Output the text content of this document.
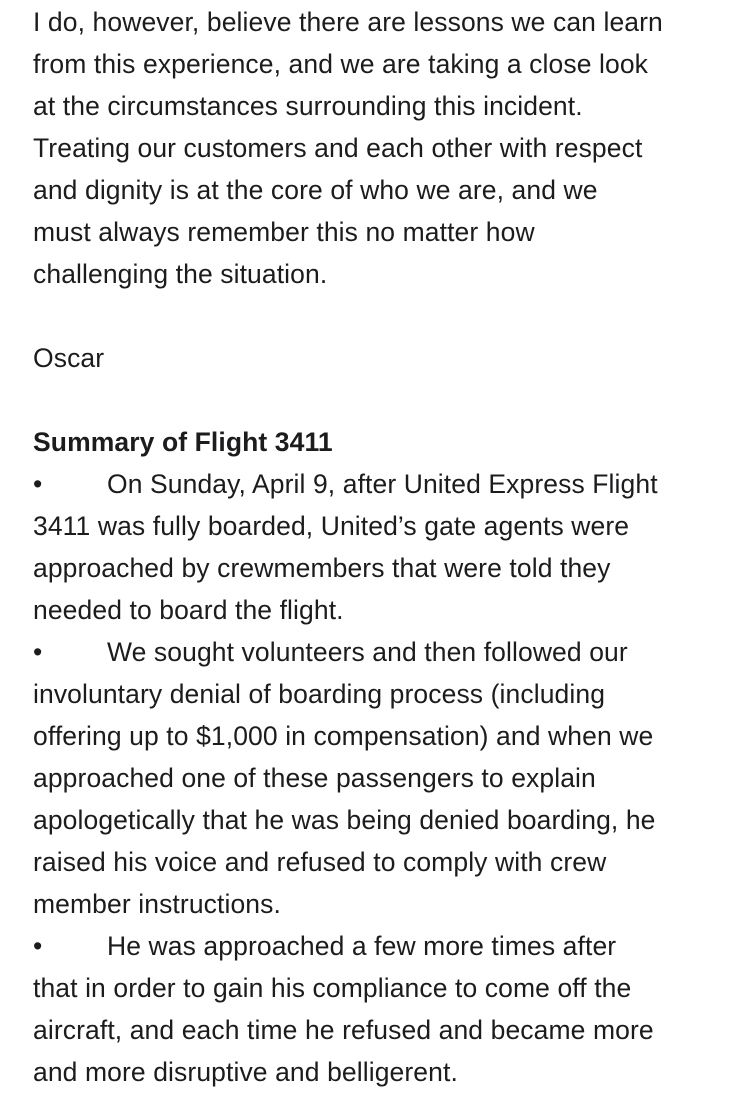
I do, however, believe there are lessons we can learn
from this experience, and we are taking a close look
at the circumstances surrounding this incident.
Treating our customers and each other with respect
and dignity is at the core of who we are, and we
must always remember this no matter how
challenging the situation.
Oscar
Summary of Flight 3411
•	On Sunday, April 9, after United Express Flight
3411 was fully boarded, United’s gate agents were
approached by crewmembers that were told they
needed to board the flight.
•	We sought volunteers and then followed our
involuntary denial of boarding process (including
offering up to $1,000 in compensation) and when we
approached one of these passengers to explain
apologetically that he was being denied boarding, he
raised his voice and refused to comply with crew
member instructions.
•	He was approached a few more times after
that in order to gain his compliance to come off the
aircraft, and each time he refused and became more
and more disruptive and belligerent.
